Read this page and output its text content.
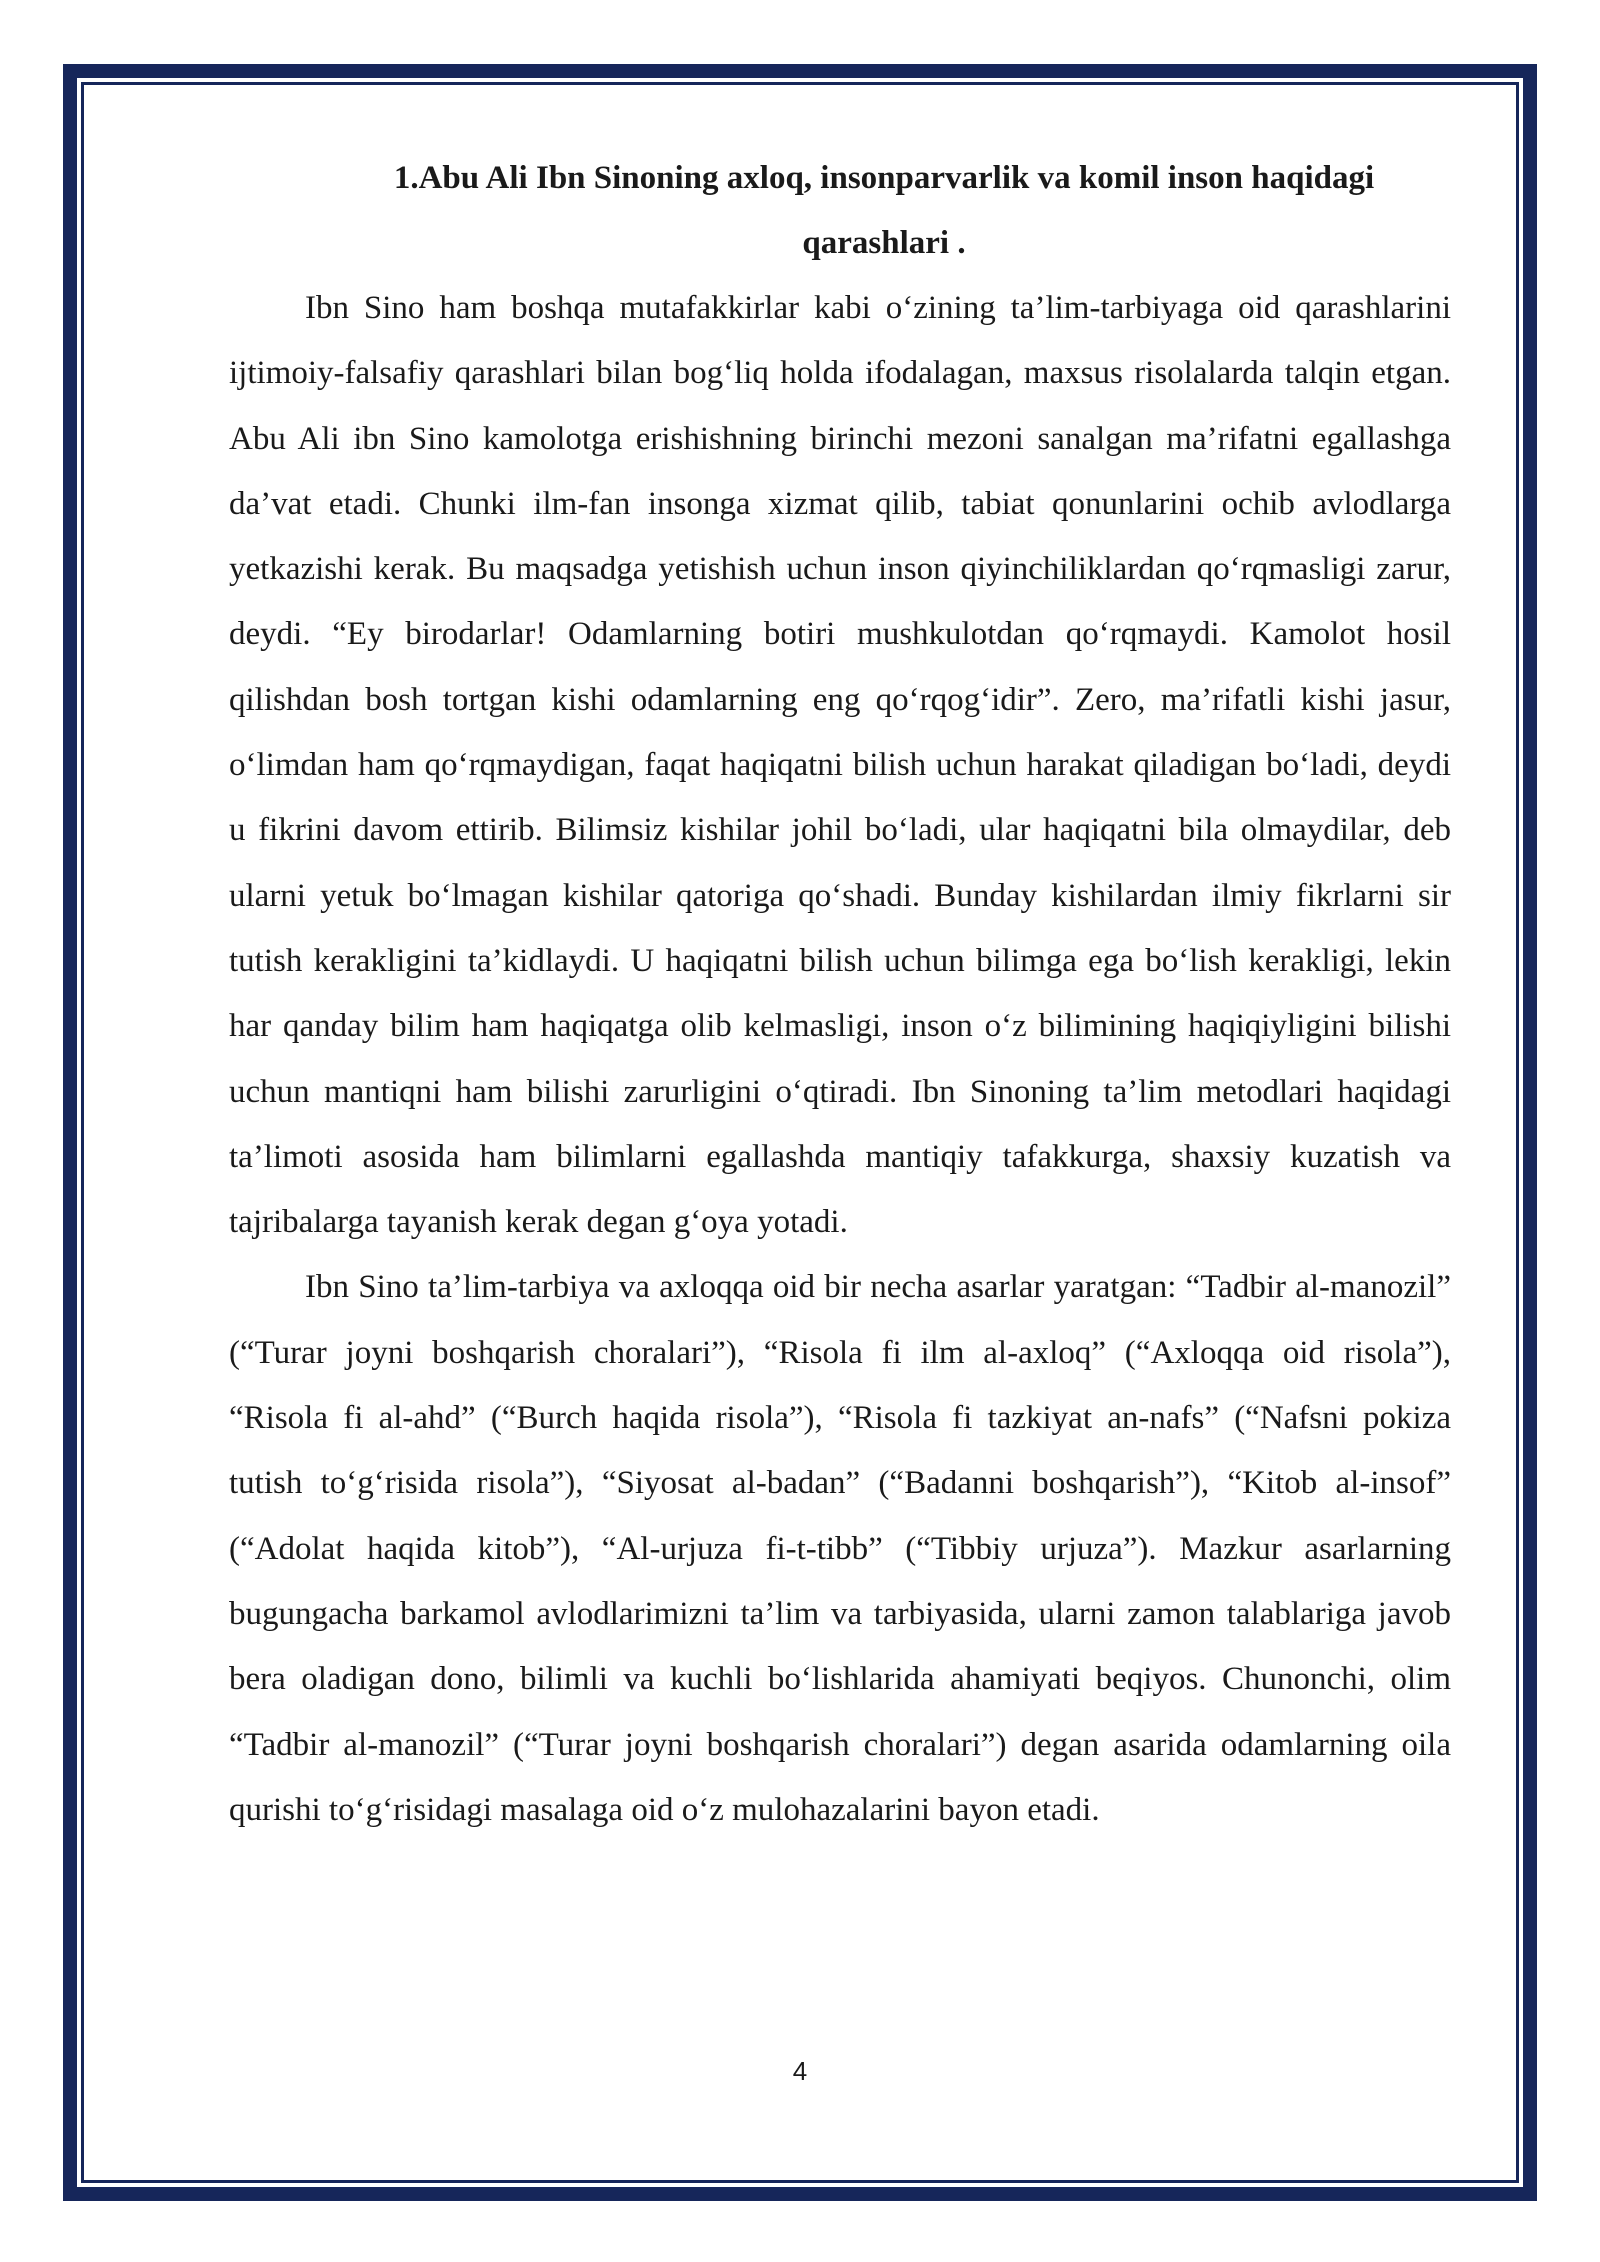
1.Abu Ali Ibn Sinoning axloq, insonparvarlik va komil inson haqidagi qarashlari .

Ibn Sino ham boshqa mutafakkirlar kabi o‘zining ta’lim-tarbiyaga oid qarashlarini ijtimoiy-falsafiy qarashlari bilan bog‘liq holda ifodalagan, maxsus risolalarda talqin etgan. Abu Ali ibn Sino kamolotga erishishning birinchi mezoni sanalgan ma’rifatni egallashga da’vat etadi. Chunki ilm-fan insonga xizmat qilib, tabiat qonunlarini ochib avlodlarga yetkazishi kerak. Bu maqsadga yetishish uchun inson qiyinchiliklardan qo‘rqmasligi zarur, deydi. “Ey birodarlar! Odamlarning botiri mushkulotdan qo‘rqmaydi. Kamolot hosil qilishdan bosh tortgan kishi odamlarning eng qo‘rqog‘idir”. Zero, ma’rifatli kishi jasur, o‘limdan ham qo‘rqmaydigan, faqat haqiqatni bilish uchun harakat qiladigan bo‘ladi, deydi u fikrini davom ettirib. Bilimsiz kishilar johil bo‘ladi, ular haqiqatni bila olmaydilar, deb ularni yetuk bo‘lmagan kishilar qatoriga qo‘shadi. Bunday kishilardan ilmiy fikrlarni sir tutish kerakligini ta’kidlaydi. U haqiqatni bilish uchun bilimga ega bo‘lish kerakligi, lekin har qanday bilim ham haqiqatga olib kelmasligi, inson o‘z bilimining haqiqiyligini bilishi uchun mantiqni ham bilishi zarurligini o‘qtiradi. Ibn Sinoning ta’lim metodlari haqidagi ta’limoti asosida ham bilimlarni egallashda mantiqiy tafakkurga, shaxsiy kuzatish va tajribalarga tayanish kerak degan g‘oya yotadi.

Ibn Sino ta’lim-tarbiya va axloqqa oid bir necha asarlar yaratgan: “Tadbir al-manozil” (“Turar joyni boshqarish choralari”), “Risola fi ilm al-axloq” (“Axloqqa oid risola”), “Risola fi al-ahd” (“Burch haqida risola”), “Risola fi tazkiyat an-nafs” (“Nafsni pokiza tutish to‘g‘risida risola”), “Siyosat al-badan” (“Badanni boshqarish”), “Kitob al-insof” (“Adolat haqida kitob”), “Al-urjuza fi-t-tibb” (“Tibbiy urjuza”). Mazkur asarlarning bugungacha barkamol avlodlarimizni ta’lim va tarbiyasida, ularni zamon talablariga javob bera oladigan dono, bilimli va kuchli bo‘lishlarida ahamiyati beqiyos. Chunonchi, olim “Tadbir al-manozil” (“Turar joyni boshqarish choralari”) degan asarida odamlarning oila qurishi to‘g‘risidagi masalaga oid o‘z mulohazalarini bayon etadi.

4
